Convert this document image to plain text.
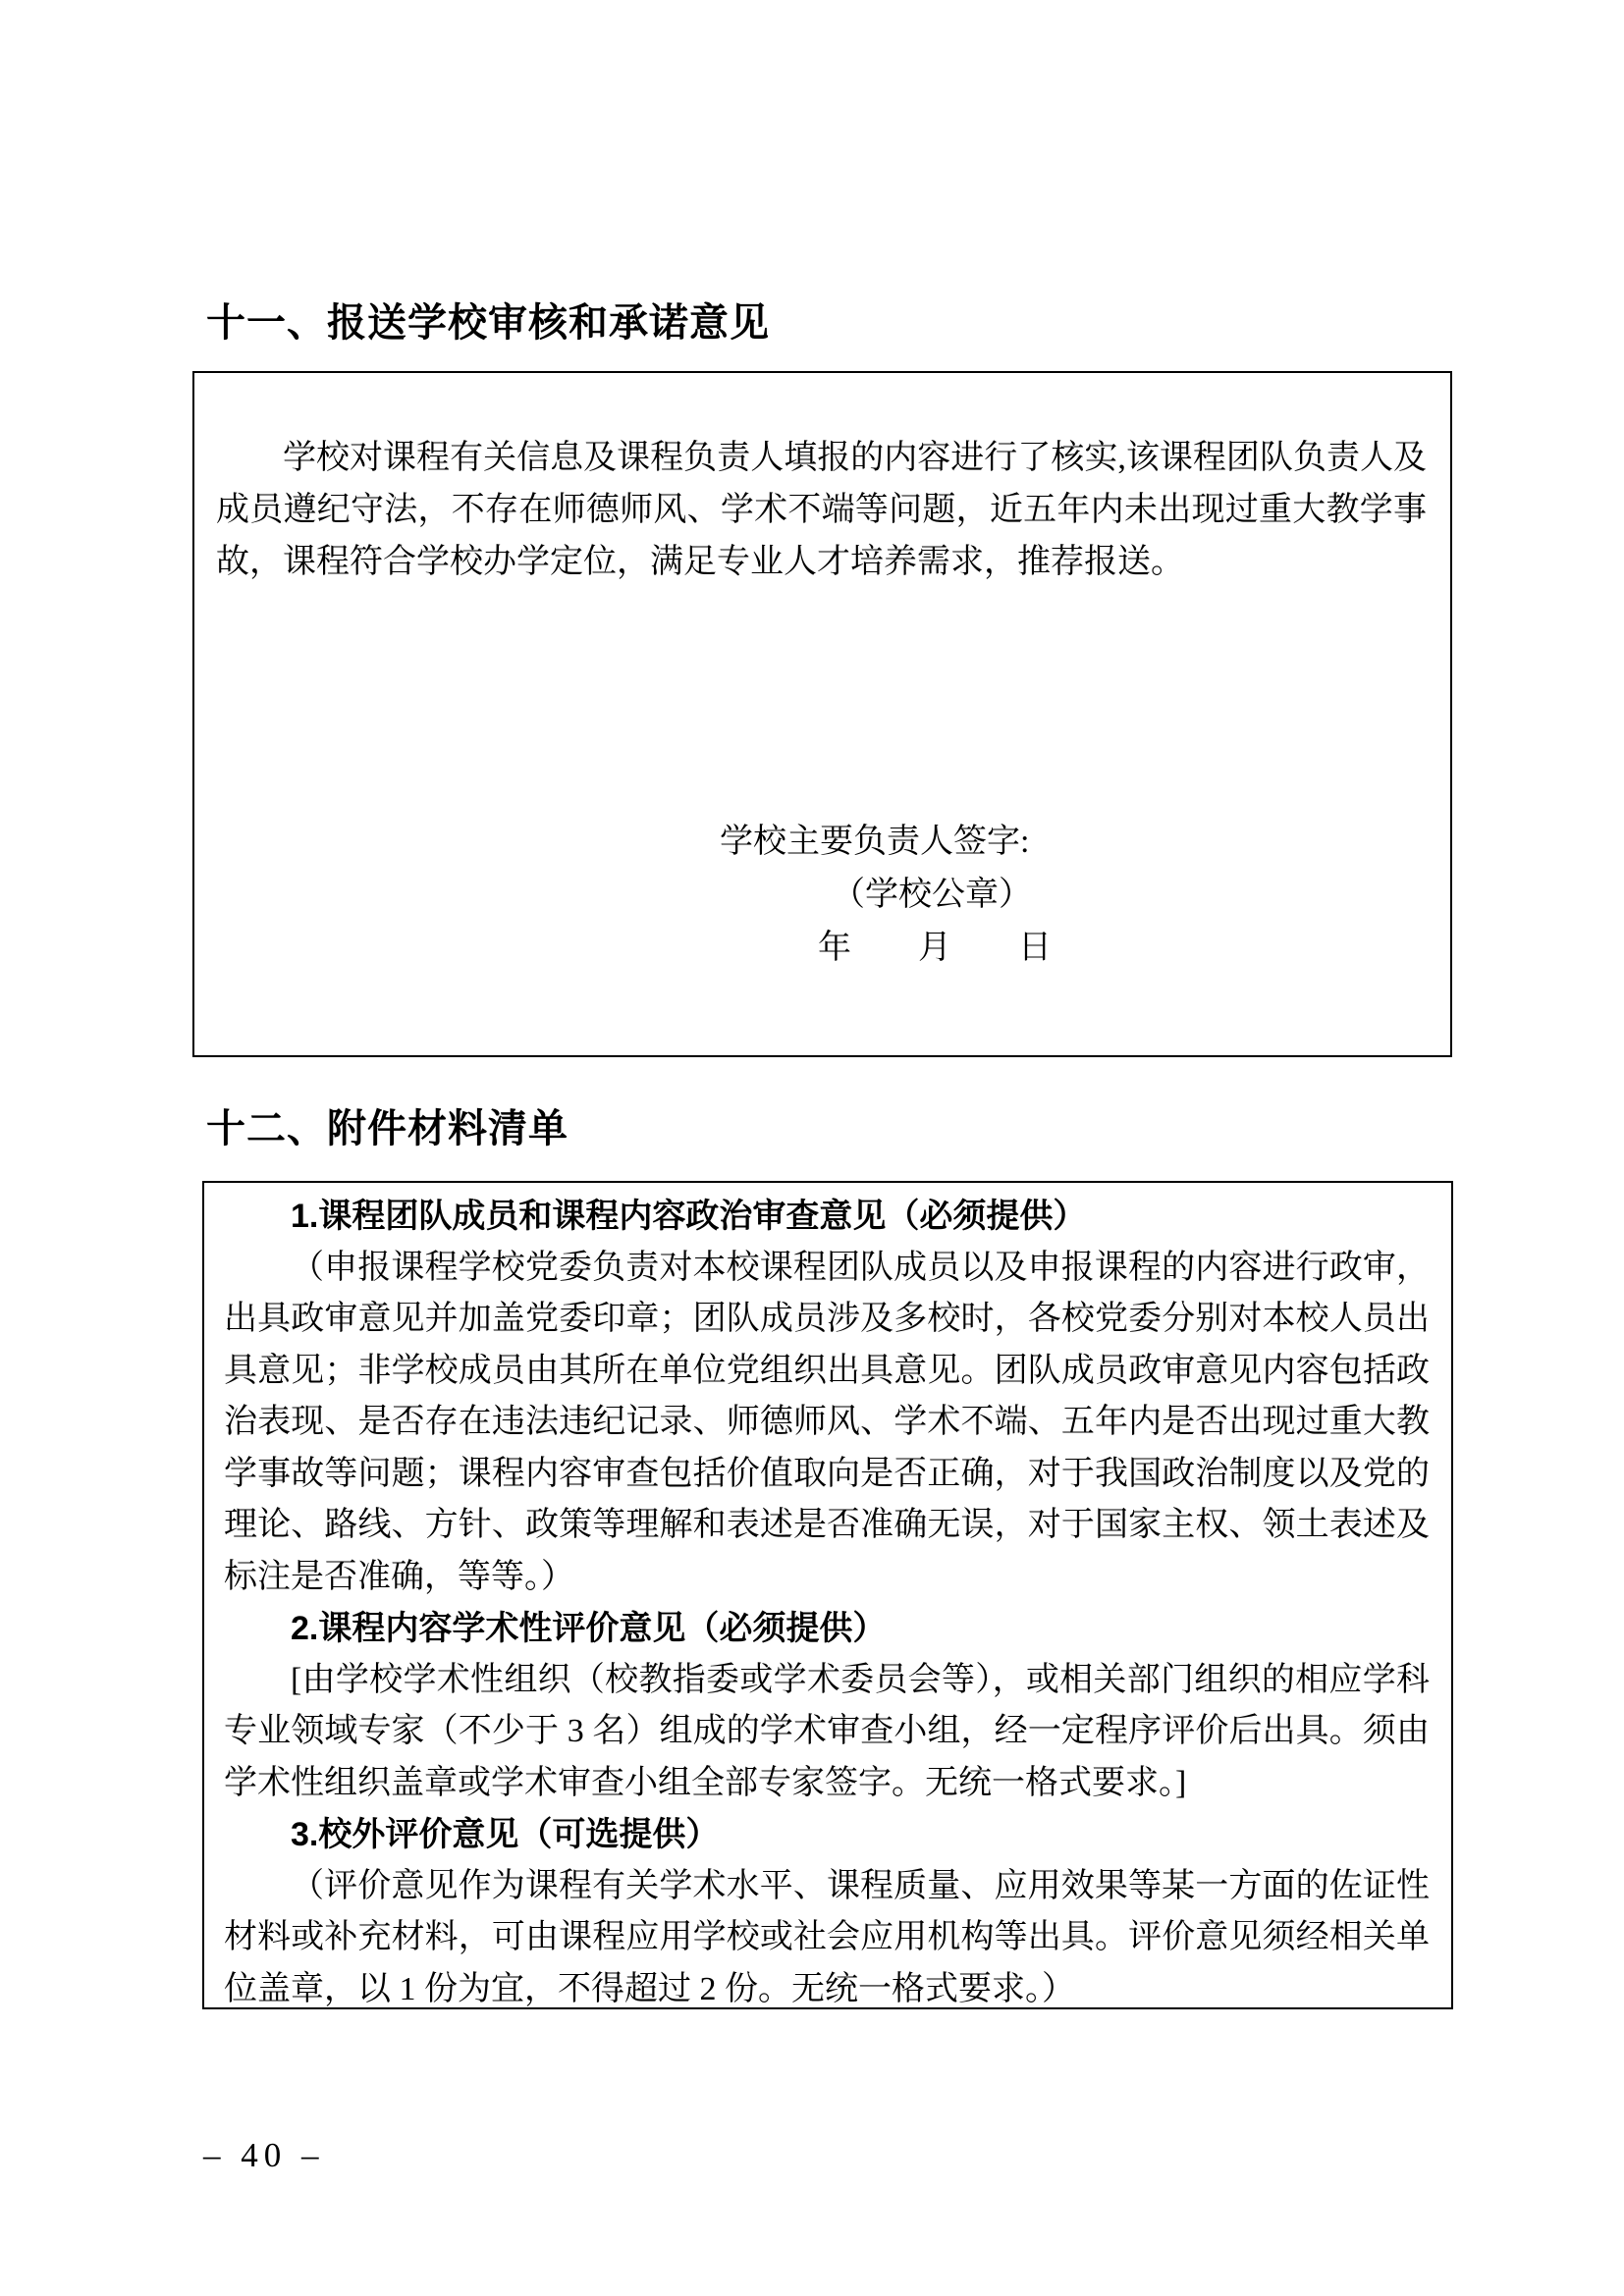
十一、报送学校审核和承诺意见

学校对课程有关信息及课程负责人填报的内容进行了核实,该课程团队负责人及成员遵纪守法，不存在师德师风、学术不端等问题，近五年内未出现过重大教学事故，课程符合学校办学定位，满足专业人才培养需求，推荐报送。

学校主要负责人签字:
（学校公章）
年　　月　　日
十二、附件材料清单

1.课程团队成员和课程内容政治审查意见（必须提供）

（申报课程学校党委负责对本校课程团队成员以及申报课程的内容进行政审，出具政审意见并加盖党委印章；团队成员涉及多校时，各校党委分别对本校人员出具意见；非学校成员由其所在单位党组织出具意见。团队成员政审意见内容包括政治表现、是否存在违法违纪记录、师德师风、学术不端、五年内是否出现过重大教学事故等问题；课程内容审查包括价值取向是否正确，对于我国政治制度以及党的理论、路线、方针、政策等理解和表述是否准确无误，对于国家主权、领土表述及标注是否准确，等等。）

2.课程内容学术性评价意见（必须提供）

[由学校学术性组织（校教指委或学术委员会等），或相关部门组织的相应学科专业领域专家（不少于 3 名）组成的学术审查小组，经一定程序评价后出具。须由学术性组织盖章或学术审查小组全部专家签字。无统一格式要求。]

3.校外评价意见（可选提供）

（评价意见作为课程有关学术水平、课程质量、应用效果等某一方面的佐证性材料或补充材料，可由课程应用学校或社会应用机构等出具。评价意见须经相关单位盖章，以 1 份为宜，不得超过 2 份。无统一格式要求。）

– 40 –
